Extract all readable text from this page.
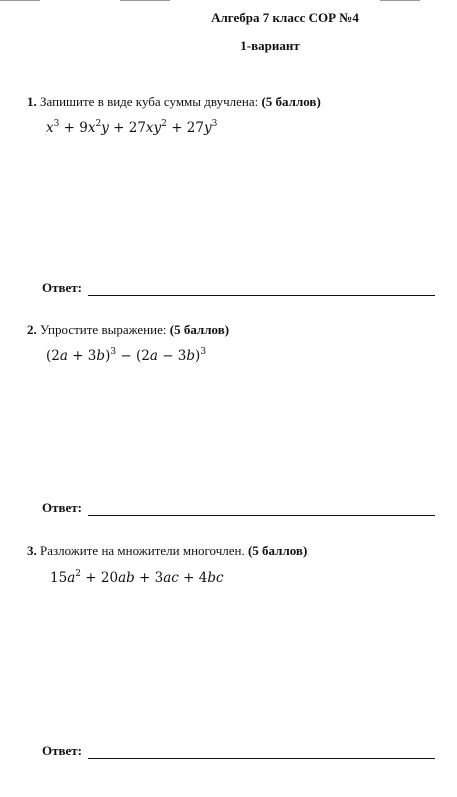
Алгебра 7 класс СОР №4
1-вариант
1. Запишите в виде куба суммы двучлена: (5 баллов)
$x^3 + 9x^2y + 27xy^2 + 27y^3$
Ответ:
2. Упростите выражение: (5 баллов)
$(2a + 3b)^3 - (2a - 3b)^3$
Ответ:
3. Разложите на множители многочлен. (5 баллов)
$15a^2 + 20ab + 3ac + 4bc$
Ответ:
